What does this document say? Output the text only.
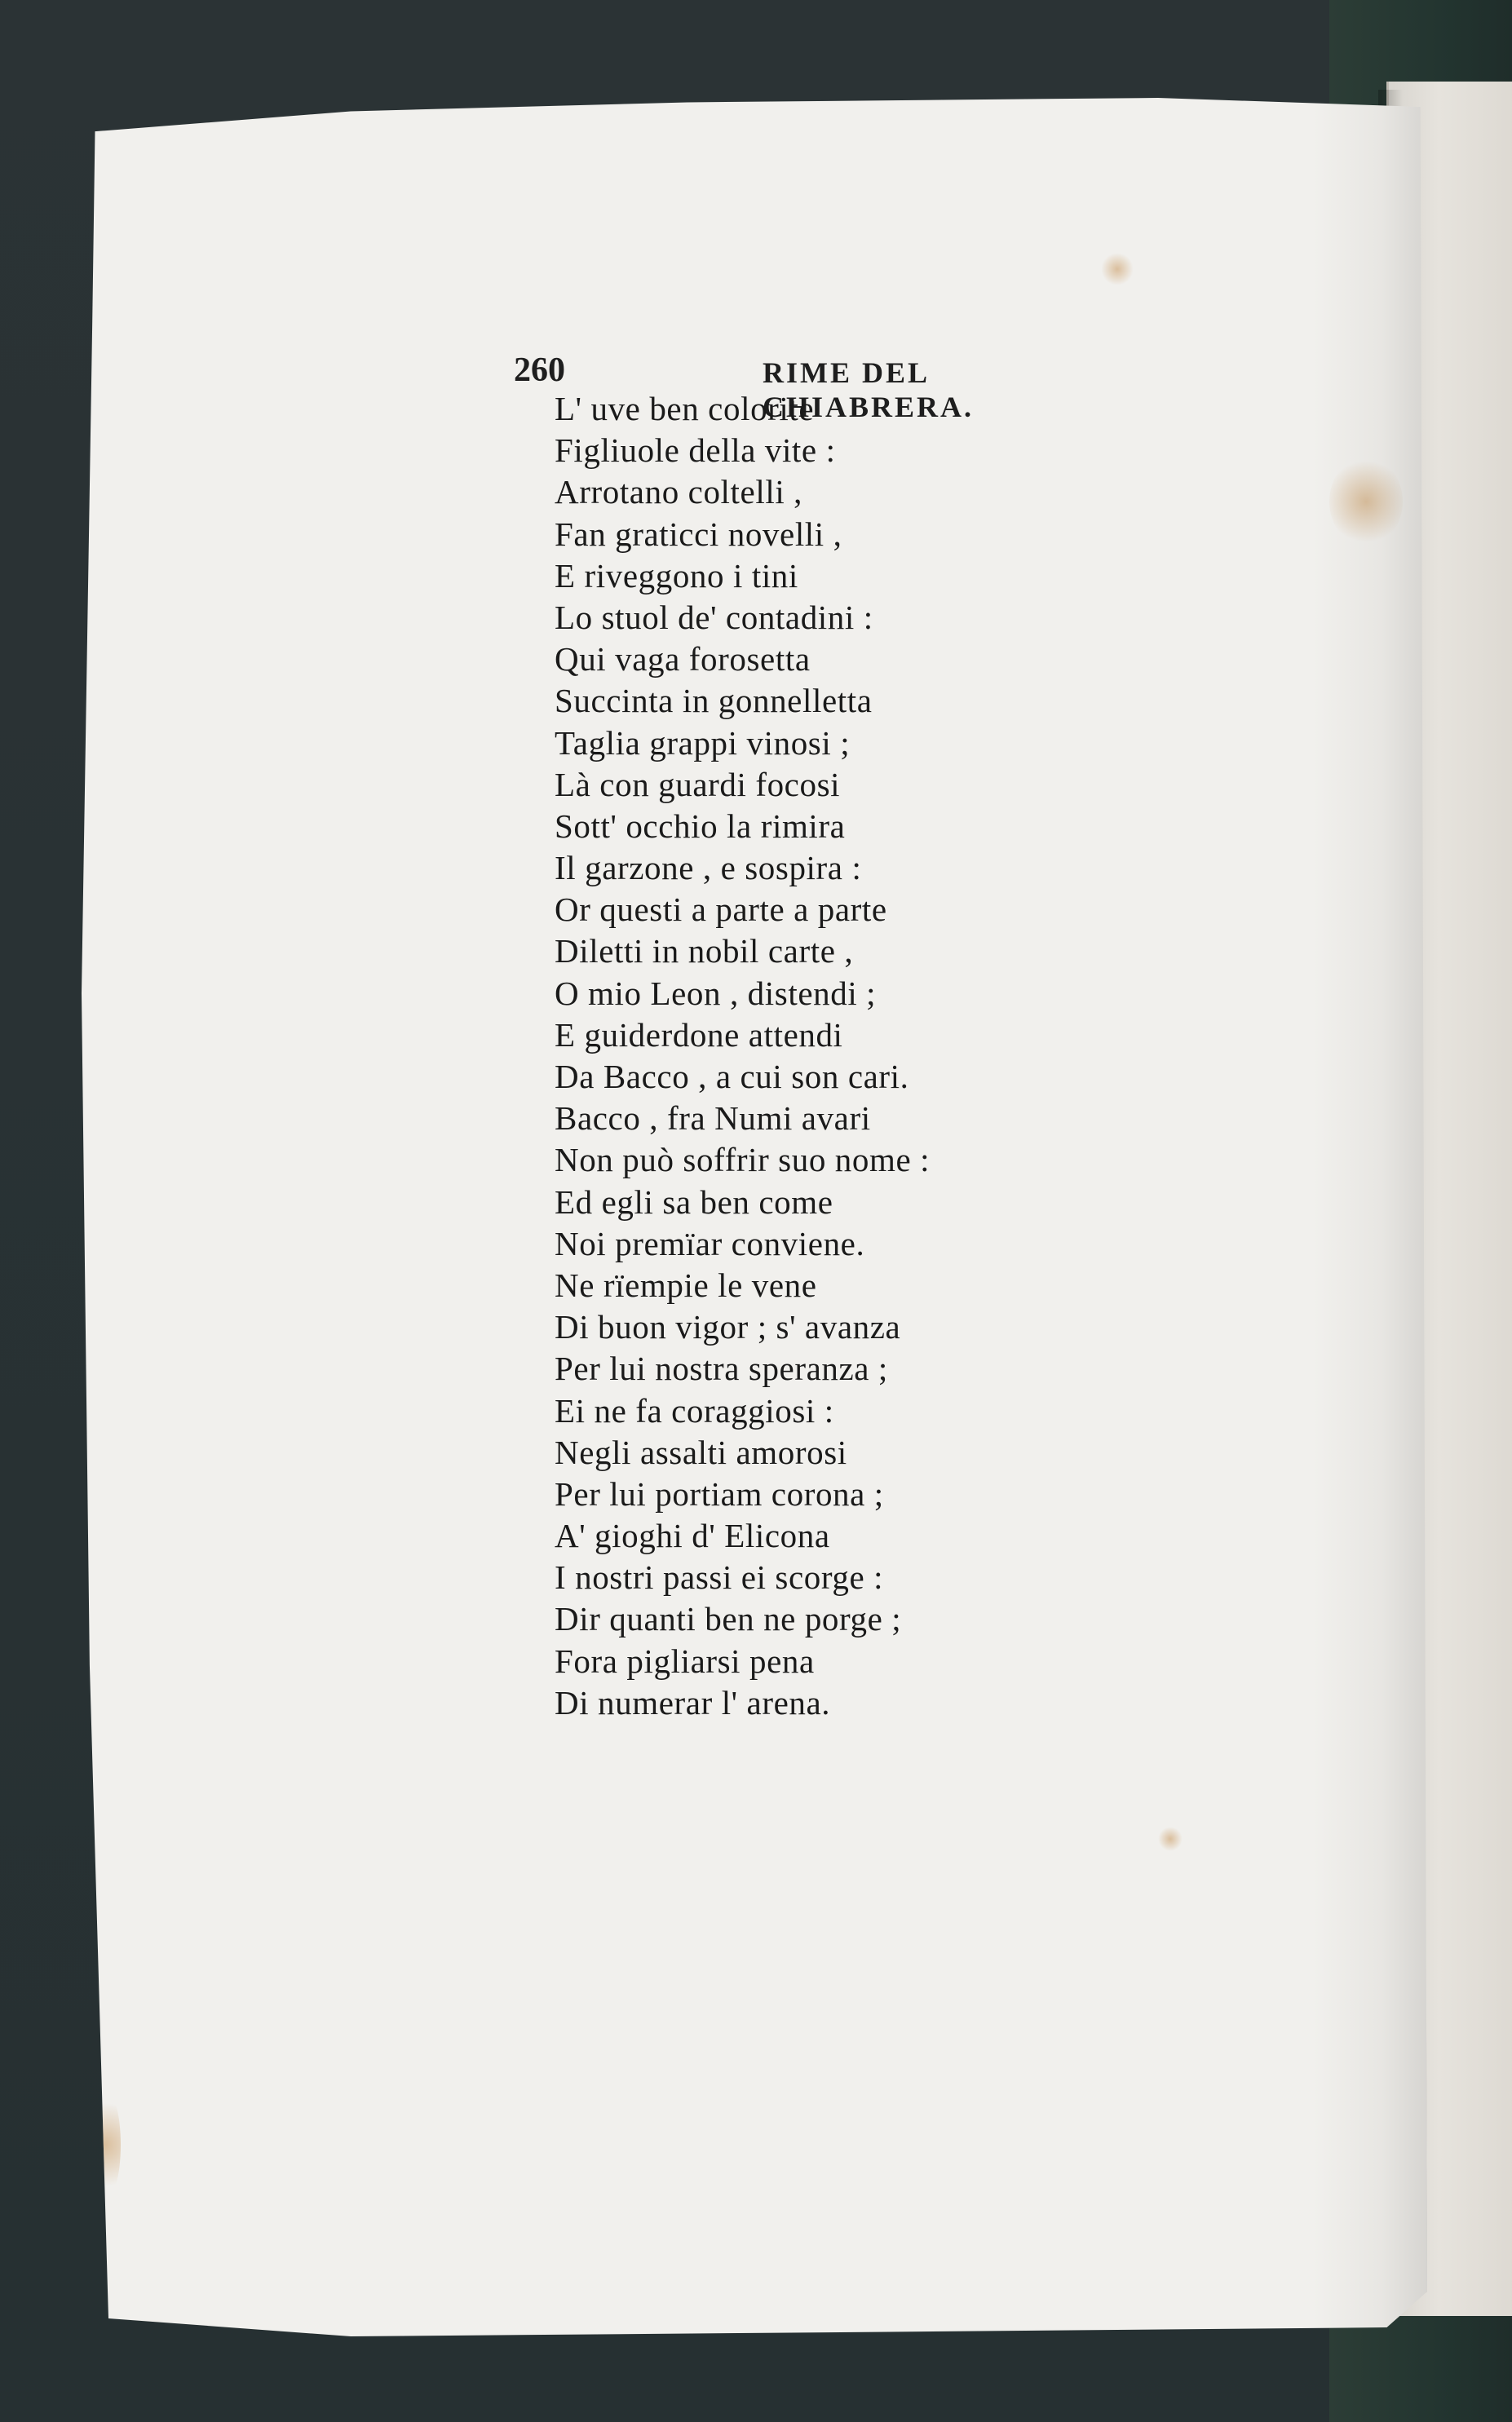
260	RIME DEL CHIABRERA.
L' uve ben colorite
Figliuole della vite :
Arrotano coltelli ,
Fan graticci novelli ,
E riveggono i tini
Lo stuol de' contadini :
Qui vaga forosetta
Succinta in gonnelletta
Taglia grappi vinosi ;
Là con guardi focosi
Sott' occhio la rimira
Il garzone , e sospira :
Or questi a parte a parte
Diletti in nobil carte ,
O mio Leon , distendi ;
E guiderdone attendi
Da Bacco , a cui son cari.
Bacco , fra Numi avari
Non può soffrir suo nome :
Ed egli sa ben come
Noi premïar conviene.
Ne rïempie le vene
Di buon vigor ; s' avanza
Per lui nostra speranza ;
Ei ne fa coraggiosi :
Negli assalti amorosi
Per lui portiam corona ;
A' gioghi d' Elicona
I nostri passi ei scorge :
Dir quanti ben ne porge ;
Fora pigliarsi pena
Di numerar l' arena.
